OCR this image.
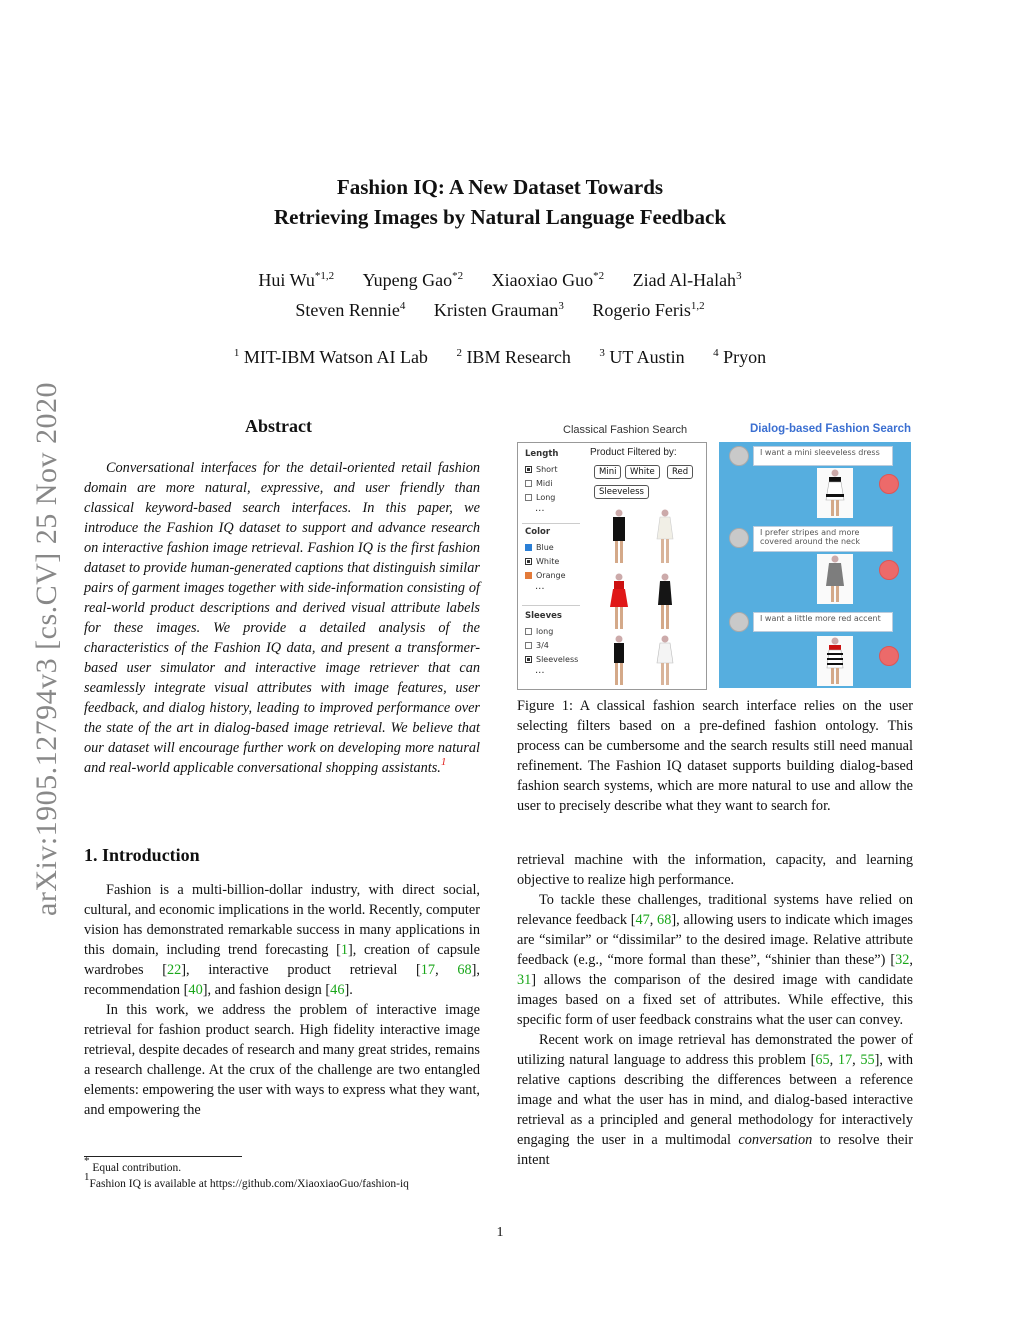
arXiv:1905.12794v3 [cs.CV] 25 Nov 2020
Fashion IQ: A New Dataset Towards
Retrieving Images by Natural Language Feedback
Hui Wu$^{*1,2}$ Yupeng Gao$^{*2}$ Xiaoxiao Guo$^{*2}$ Ziad Al-Halah$^3$
Steven Rennie$^4$ Kristen Grauman$^3$ Rogerio Feris$^{1,2}$
$^1$ MIT-IBM Watson AI Lab	$^2$ IBM Research	$^3$ UT Austin	$^4$ Pryon
Abstract

Conversational interfaces for the detail-oriented retail fashion domain are more natural, expressive, and user friendly than classical keyword-based search interfaces. In this paper, we introduce the Fashion IQ dataset to support and advance research on interactive fashion image retrieval. Fashion IQ is the first fashion dataset to provide human-generated captions that distinguish similar pairs of garment images together with side-information consisting of real-world product descriptions and derived visual attribute labels for these images. We provide a detailed analysis of the characteristics of the Fashion IQ data, and present a transformer-based user simulator and interactive image retriever that can seamlessly integrate visual attributes with image features, user feedback, and dialog history, leading to improved performance over the state of the art in dialog-based image retrieval. We believe that our dataset will encourage further work on developing more natural and real-world applicable conversational shopping assistants.$^1$

1. Introduction

Fashion is a multi-billion-dollar industry, with direct social, cultural, and economic implications in the world. Recently, computer vision has demonstrated remarkable success in many applications in this domain, including trend forecasting [1], creation of capsule wardrobes [22], interactive product retrieval [17, 68], recommendation [40], and fashion design [46].

In this work, we address the problem of interactive image retrieval for fashion product search. High fidelity interactive image retrieval, despite decades of research and many great strides, remains a research challenge. At the crux of the challenge are two entangled elements: empowering the user with ways to express what they want, and empowering the

* Equal contribution.

$^1$Fashion IQ is available at https://github.com/XiaoxiaoGuo/fashion-iq

Classical Fashion Search	Dialog-based Fashion Search
Length
Short
Midi
Long
...
Color
Blue
White
Orange
...
Sleeves
long
3/4
Sleeveless
...
Product Filtered by:
Mini	White	Red
Sleeveless
I want a mini sleeveless dress
I prefer stripes and more covered around the neck
I want a little more red accent

Figure 1: A classical fashion search interface relies on the user selecting filters based on a pre-defined fashion ontology. This process can be cumbersome and the search results still need manual refinement. The Fashion IQ dataset supports building dialog-based fashion search systems, which are more natural to use and allow the user to precisely describe what they want to search for.

retrieval machine with the information, capacity, and learning objective to realize high performance.

To tackle these challenges, traditional systems have relied on relevance feedback [47, 68], allowing users to indicate which images are “similar” or “dissimilar” to the desired image. Relative attribute feedback (e.g., “more formal than these”, “shinier than these”) [32, 31] allows the comparison of the desired image with candidate images based on a fixed set of attributes. While effective, this specific form of user feedback constrains what the user can convey.

Recent work on image retrieval has demonstrated the power of utilizing natural language to address this problem [65, 17, 55], with relative captions describing the differences between a reference image and what the user has in mind, and dialog-based interactive retrieval as a principled and general methodology for interactively engaging the user in a multimodal conversation to resolve their intent

1
